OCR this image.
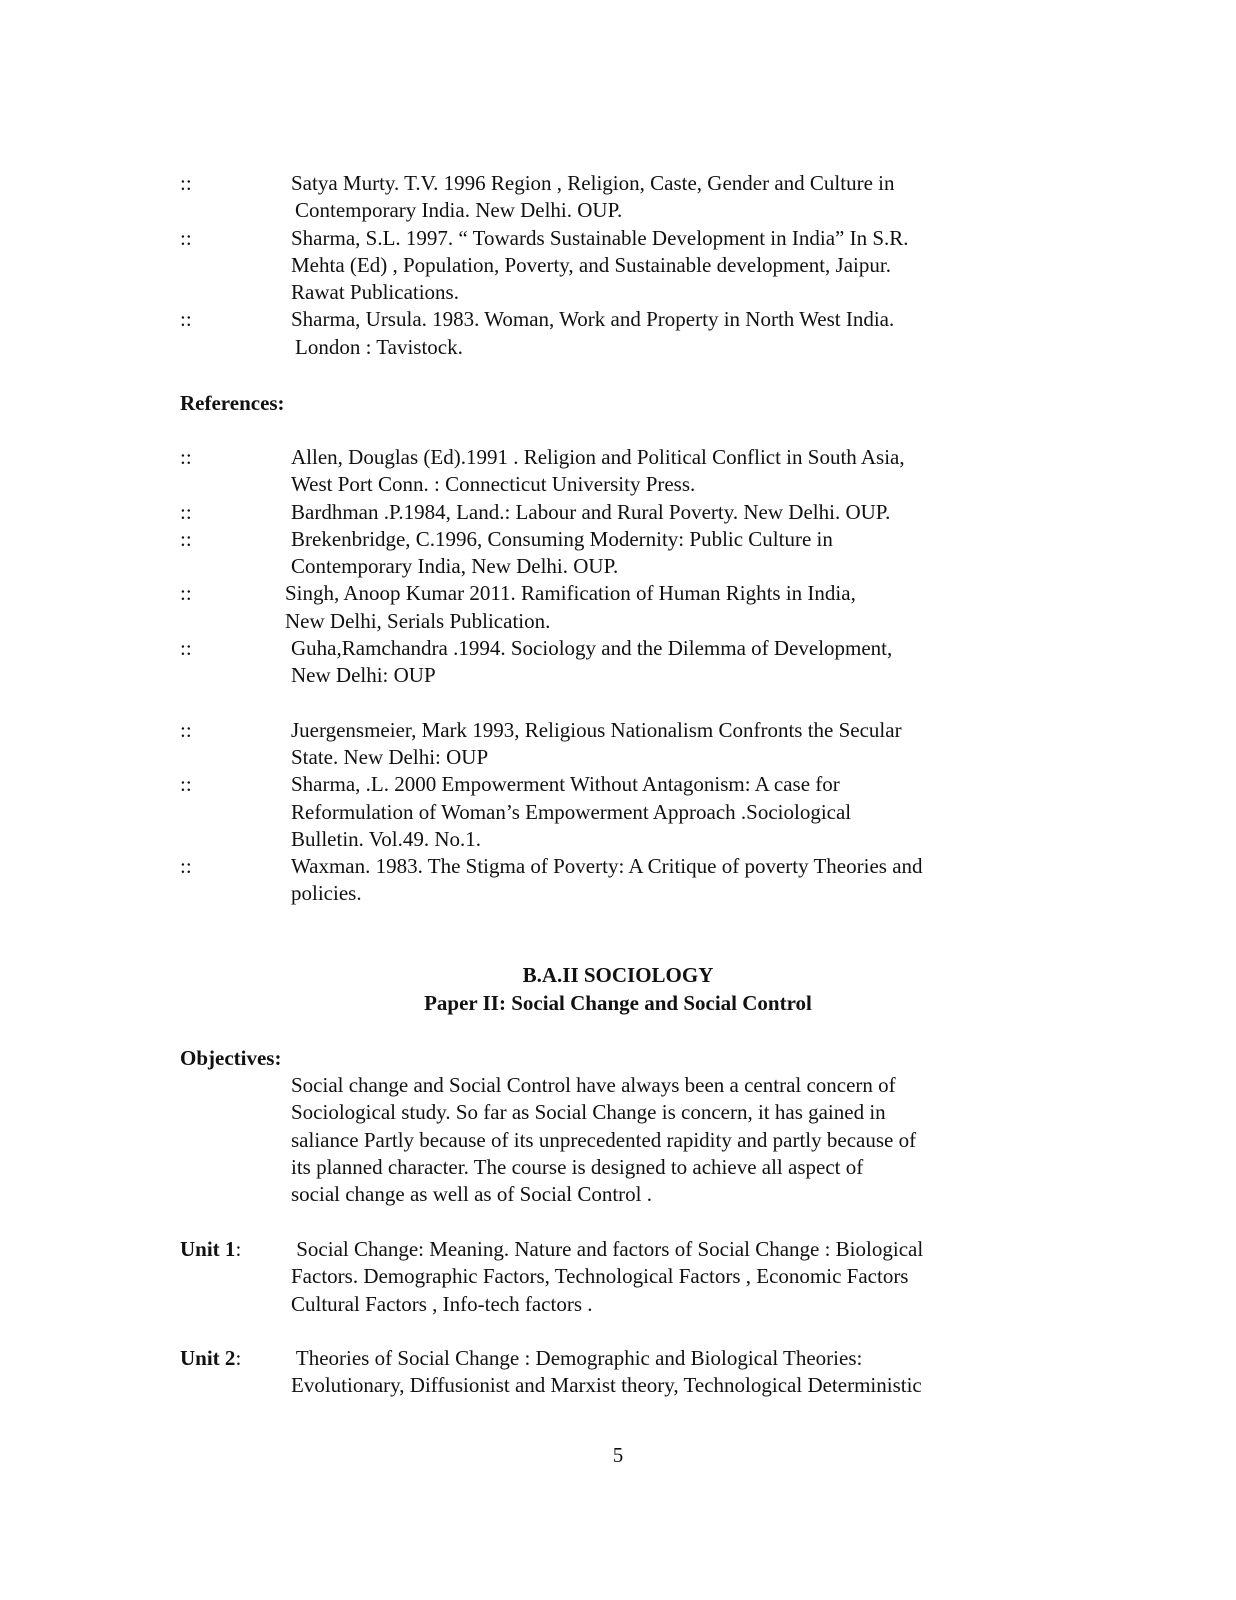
::	Satya Murty. T.V. 1996 Region , Religion, Caste, Gender and Culture in
Contemporary India. New Delhi. OUP.
::	Sharma, S.L. 1997. “ Towards Sustainable Development in India” In S.R.
Mehta (Ed) , Population, Poverty, and Sustainable development, Jaipur.
Rawat Publications.
::	Sharma, Ursula. 1983. Woman, Work and Property in North West India.
London : Tavistock.
References:
::	Allen, Douglas (Ed).1991 . Religion and Political Conflict in South Asia,
West Port Conn. : Connecticut University Press.
::	Bardhman .P.1984, Land.: Labour and Rural Poverty. New Delhi. OUP.
::	Brekenbridge, C.1996, Consuming Modernity: Public Culture in
Contemporary India, New Delhi. OUP.
::	Singh, Anoop Kumar 2011. Ramification of Human Rights in India,
New Delhi, Serials Publication.
::	Guha,Ramchandra .1994. Sociology and the Dilemma of Development,
New Delhi: OUP
::	Juergensmeier, Mark 1993, Religious Nationalism Confronts the Secular
State. New Delhi: OUP
::	Sharma, .L. 2000 Empowerment Without Antagonism: A case for
Reformulation of Woman’s Empowerment Approach .Sociological
Bulletin. Vol.49. No.1.
::	Waxman. 1983. The Stigma of Poverty: A Critique of poverty Theories and
policies.
B.A.II SOCIOLOGY
Paper II: Social Change and Social Control
Objectives:
Social change and Social Control have always been a central concern of
Sociological study. So far as Social Change is concern, it has gained in
saliance Partly because of its unprecedented rapidity and partly because of
its planned character. The course is designed to achieve all aspect of
social change as well as of Social Control .
Unit 1: Social Change: Meaning. Nature and factors of Social Change : Biological
Factors. Demographic Factors, Technological Factors , Economic Factors
Cultural Factors , Info-tech factors .
Unit 2: Theories of Social Change : Demographic and Biological Theories:
Evolutionary, Diffusionist and Marxist theory, Technological Deterministic
5
